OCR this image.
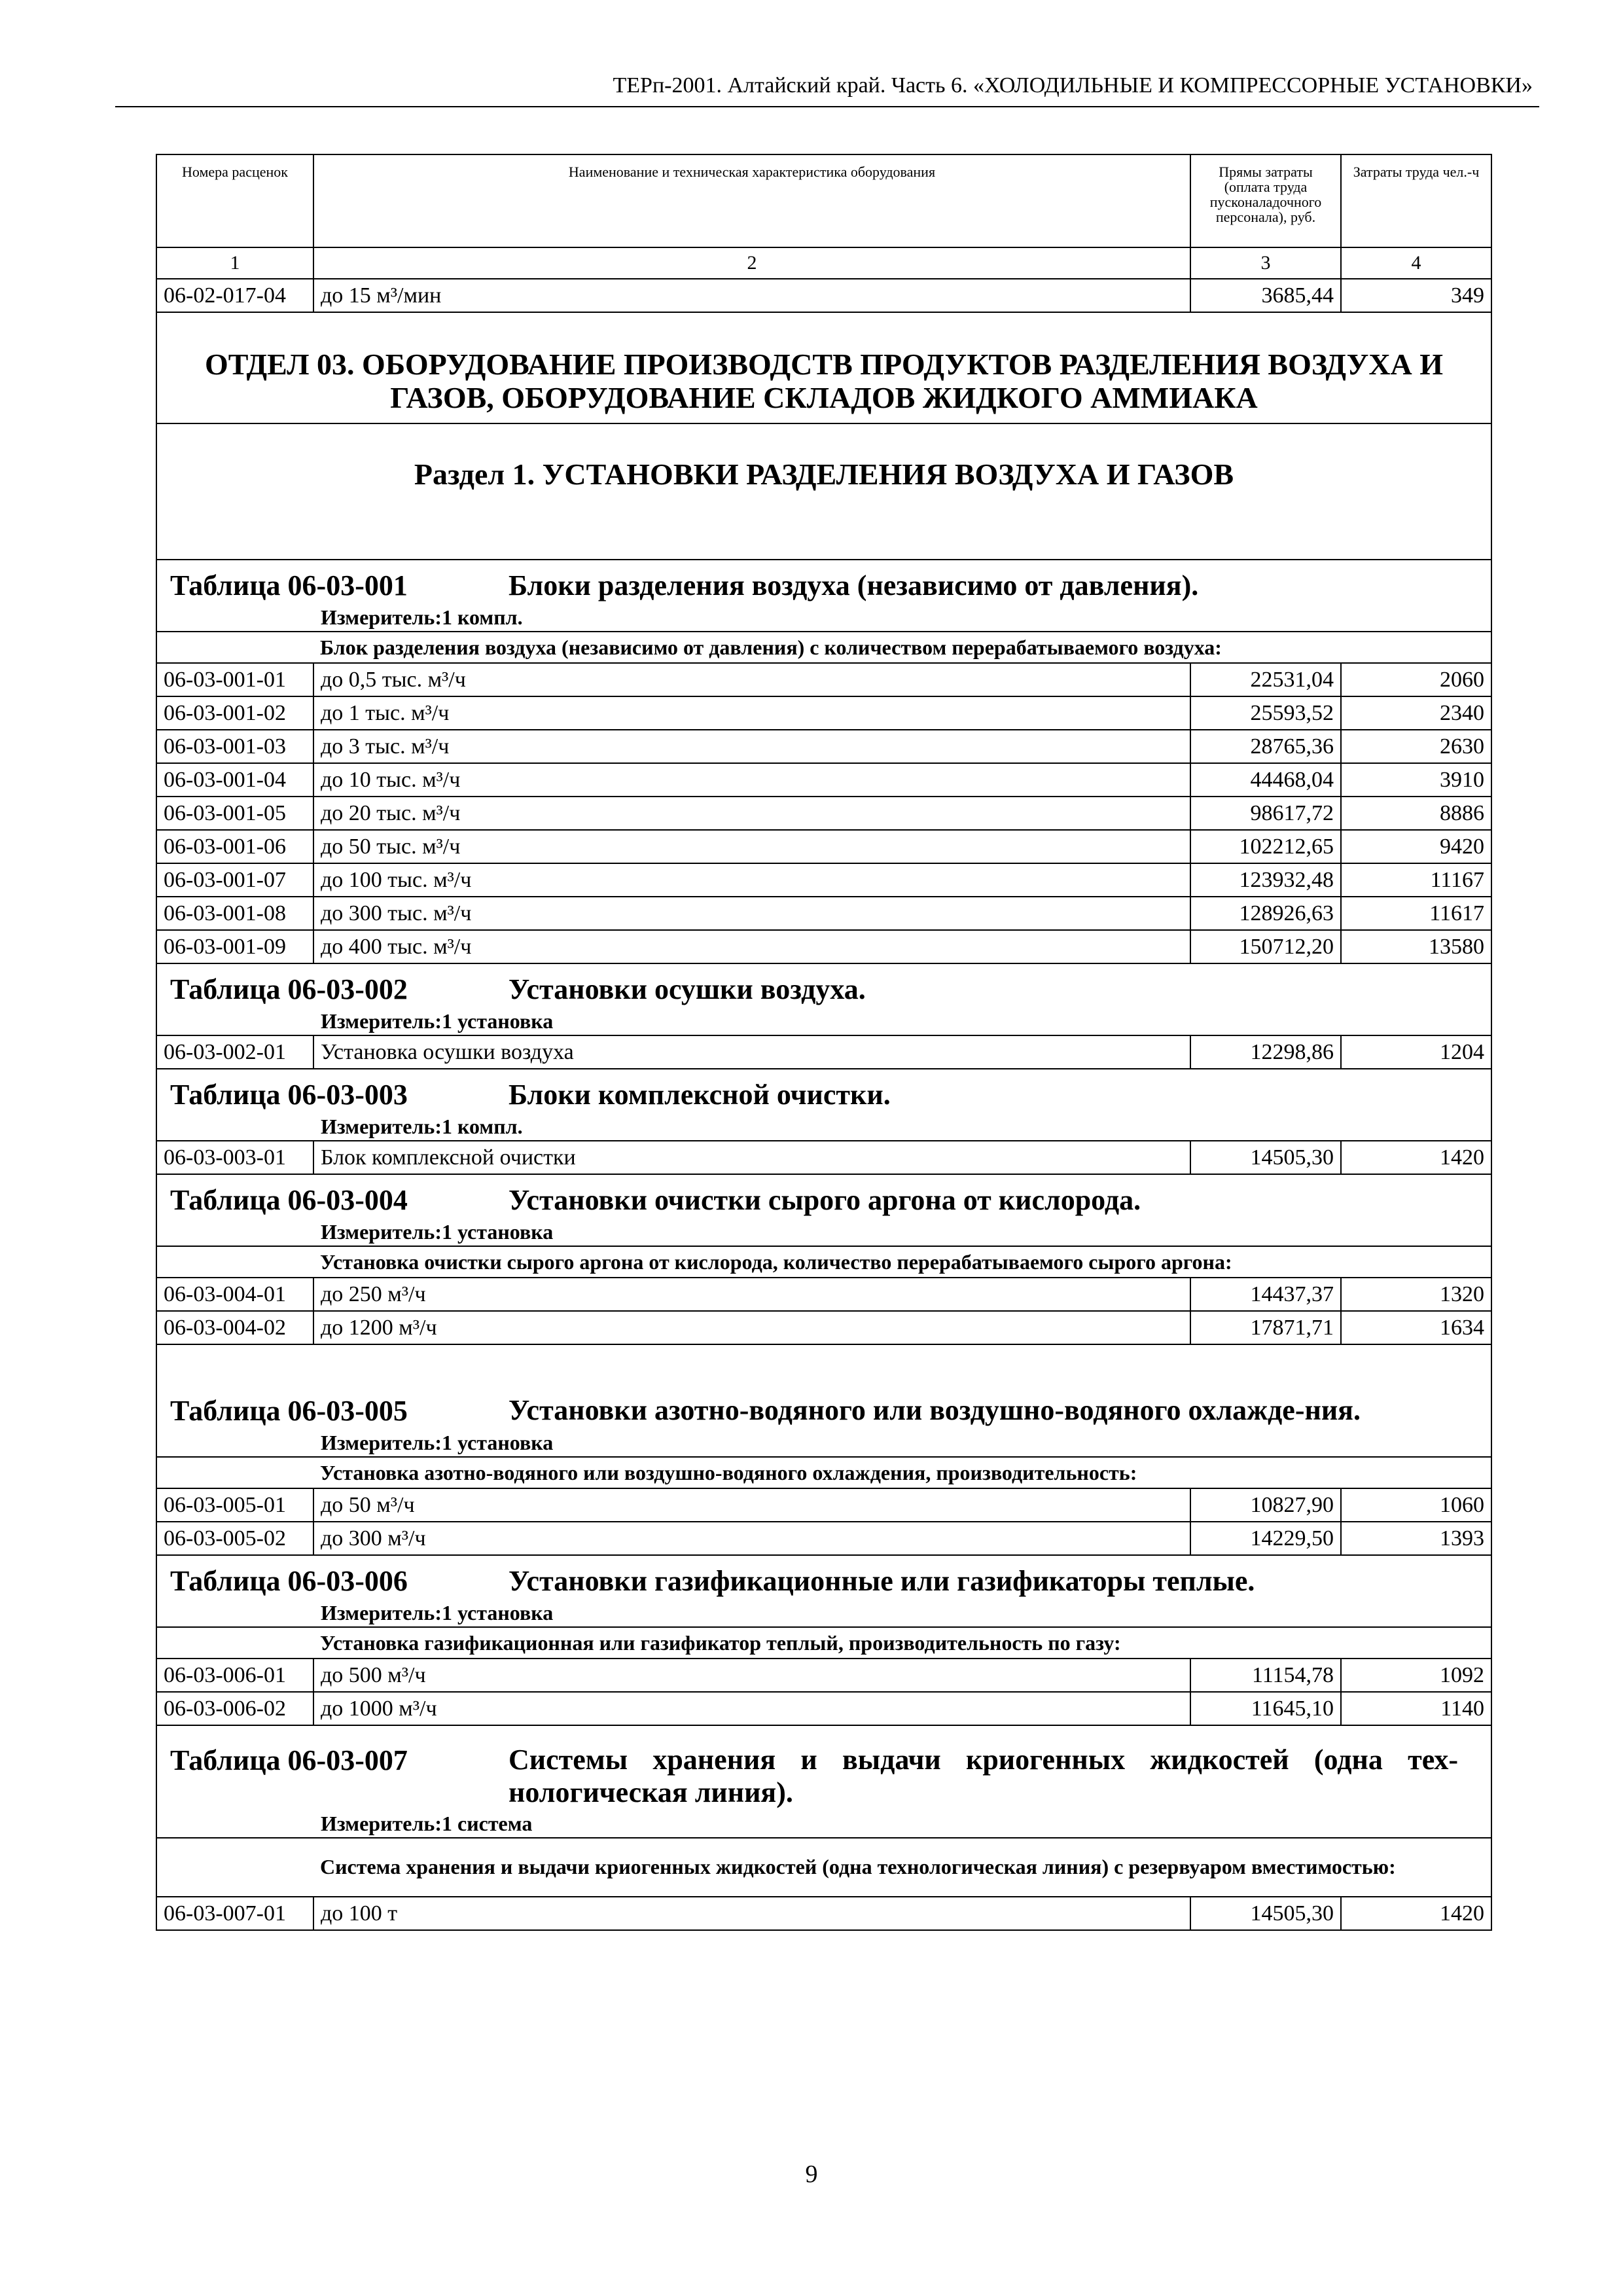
ТЕРп-2001. Алтайский край. Часть 6. «ХОЛОДИЛЬНЫЕ И КОМПРЕССОРНЫЕ УСТАНОВКИ»
Номера расценок	Наименование и техническая характеристика оборудования	Прямы затраты (оплата труда пусконаладочного персонала), руб.	Затраты труда чел.-ч
1	2	3	4
06-02-017-04	до 15 м³/мин	3685,44	349
ОТДЕЛ 03. ОБОРУДОВАНИЕ ПРОИЗВОДСТВ ПРОДУКТОВ РАЗДЕЛЕНИЯ ВОЗДУХА И ГАЗОВ, ОБОРУДОВАНИЕ СКЛАДОВ ЖИДКОГО АММИАКА			
Раздел 1. УСТАНОВКИ РАЗДЕЛЕНИЯ ВОЗДУХА И ГАЗОВ			
Таблица 06-03-001 Блоки разделения воздуха (независимо от давления).			
Измеритель:1 компл.			
	Блок разделения воздуха (независимо от давления) с количеством перерабатываемого воздуха:		
06-03-001-01	до 0,5 тыс. м³/ч	22531,04	2060
06-03-001-02	до 1 тыс. м³/ч	25593,52	2340
06-03-001-03	до 3 тыс. м³/ч	28765,36	2630
06-03-001-04	до 10 тыс. м³/ч	44468,04	3910
06-03-001-05	до 20 тыс. м³/ч	98617,72	8886
06-03-001-06	до 50 тыс. м³/ч	102212,65	9420
06-03-001-07	до 100 тыс. м³/ч	123932,48	11167
06-03-001-08	до 300 тыс. м³/ч	128926,63	11617
06-03-001-09	до 400 тыс. м³/ч	150712,20	13580
Таблица 06-03-002 Установки осушки воздуха.			
Измеритель:1 установка			
06-03-002-01	Установка осушки воздуха	12298,86	1204
Таблица 06-03-003 Блоки комплексной очистки.			
Измеритель:1 компл.			
06-03-003-01	Блок комплексной очистки	14505,30	1420
Таблица 06-03-004 Установки очистки сырого аргона от кислорода.			
Измеритель:1 установка			
	Установка очистки сырого аргона от кислорода, количество перерабатываемого сырого аргона:		
06-03-004-01	до 250 м³/ч	14437,37	1320
06-03-004-02	до 1200 м³/ч	17871,71	1634

Таблица 06-03-005 Установки азотно-водяного или воздушно-водяного охлажде-ния.			

Измеритель:1 установка			
	Установка азотно-водяного или воздушно-водяного охлаждения, производительность:		
06-03-005-01	до 50 м³/ч	10827,90	1060
06-03-005-02	до 300 м³/ч	14229,50	1393
Таблица 06-03-006 Установки газификационные или газификаторы теплые.			
Измеритель:1 установка			
	Установка газификационная или газификатор теплый, производительность по газу:		
06-03-006-01	до 500 м³/ч	11154,78	1092
06-03-006-02	до 1000 м³/ч	11645,10	1140

Таблица 06-03-007 Системы хранения и выдачи криогенных жидкостей (одна тех-нологическая линия).			

Измеритель:1 система			
	Система хранения и выдачи криогенных жидкостей (одна технологическая линия) с резервуаром вместимостью:		
06-03-007-01	до 100 т	14505,30	1420
9
